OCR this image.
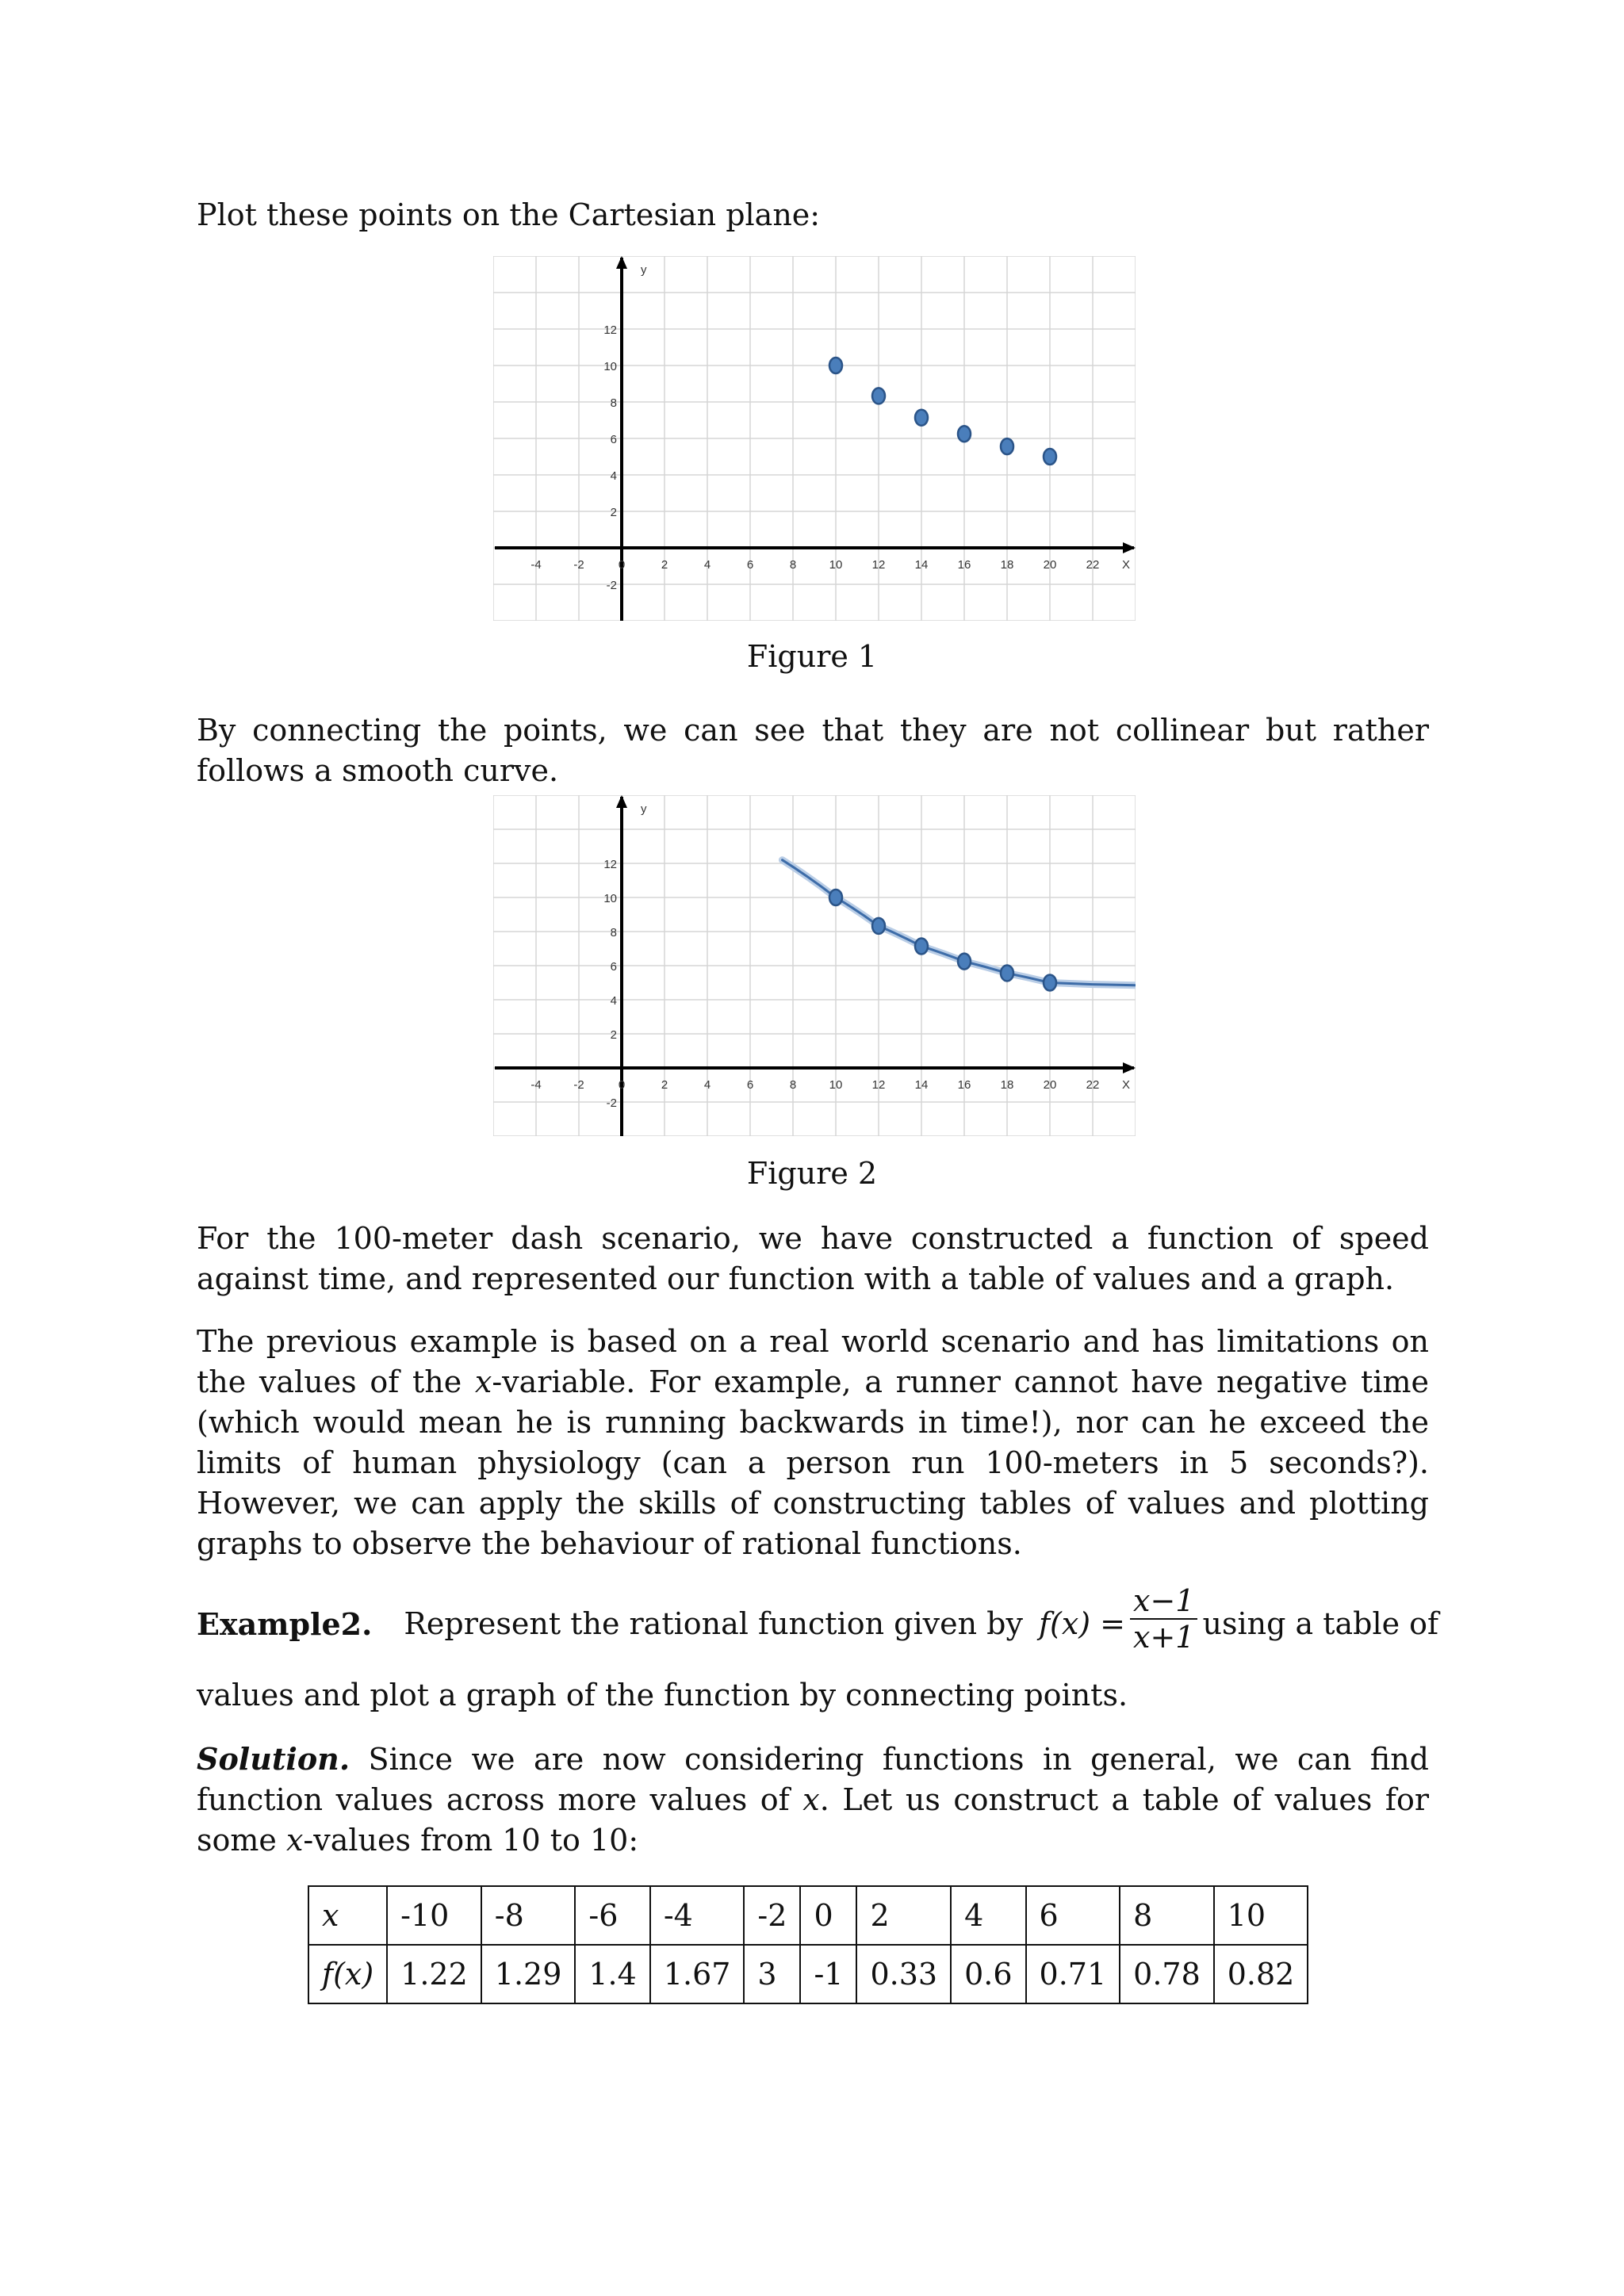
Plot these points on the Cartesian plane:

-4	-2	0	2	4	6	8	10 12 14 16 18 20 22
-2
2
4
6
8
10
12
X
y
Figure 1

By connecting the points, we can see that they are not collinear but rather follows a smooth curve.

-4	-2	0	2	4	6	8	10 12 14 16 18 20 22
-2
2
4
6
8
10
12
X
y
Figure 2

For the 100-meter dash scenario, we have constructed a function of speed against time, and represented our function with a table of values and a graph.

The previous example is based on a real world scenario and has limitations on the values of the x-variable. For example, a runner cannot have negative time (which would mean he is running backwards in time!), nor can he exceed the limits of human physiology (can a person run 100-meters in 5 seconds?). However, we can apply the skills of constructing tables of values and plotting graphs to observe the behaviour of rational functions.

Example2. Represent the rational function given by $f(x) = \frac{x-1}{x+1}$ using a table of

values and plot a graph of the function by connecting points.

Solution. Since we are now considering functions in general, we can find function values across more values of x. Let us construct a table of values for some x-values from 10 to 10:

x	-10	-8	-6	-4	-2	0	2	4	6	8	10
f(x)	1.22	1.29	1.4	1.67	3	-1	0.33	0.6	0.71	0.78	0.82
